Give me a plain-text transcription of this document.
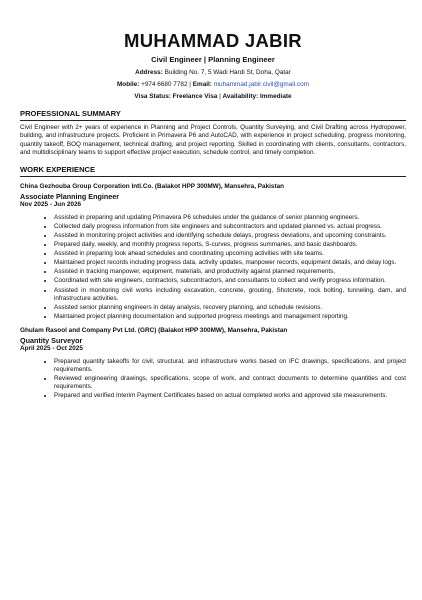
MUHAMMAD JABIR
Civil Engineer | Planning Engineer
Address: Building No. 7, 5 Wadi Hardi St, Doha, Qatar
Mobile: +974 6680 7782 | Email: muhammad.jabir.civil@gmail.com
Visa Status: Freelance Visa | Availability: Immediate
PROFESSIONAL SUMMARY
Civil Engineer with 2+ years of experience in Planning and Project Controls, Quantity Surveying, and Civil Drafting across Hydropower, building, and infrastructure projects. Proficient in Primavera P6 and AutoCAD, with experience in project scheduling, progress monitoring, quantity takeoff, BOQ management, technical drafting, and project reporting. Skilled in coordinating with clients, consultants, contractors, and multidisciplinary teams to support effective project execution, schedule control, and timely completion.
WORK EXPERIENCE
China Gezhouba Group Corporation Intl.Co. (Balakot HPP 300MW), Mansehra, Pakistan
Associate Planning Engineer
Nov 2025 - Jun 2026
• Assisted in preparing and updating Primavera P6 schedules under the guidance of senior planning engineers.
• Collected daily progress information from site engineers and subcontractors and updated planned vs. actual progress.
• Assisted in monitoring project activities and identifying schedule delays, progress deviations, and upcoming constraints.
• Prepared daily, weekly, and monthly progress reports, S-curves, progress summaries, and basic dashboards.
• Assisted in preparing look ahead schedules and coordinating upcoming activities with site teams.
• Maintained project records including progress data, activity updates, manpower records, equipment details, and delay logs.
• Assisted in tracking manpower, equipment, materials, and productivity against planned requirements.
• Coordinated with site engineers, contractors, subcontractors, and consultants to collect and verify progress information.
• Assisted in monitoring civil works including excavation, concrete, grouting, Shotcrete, rock bolting, tunneling, dam, and infrastructure activities.
• Assisted senior planning engineers in delay analysis, recovery planning, and schedule revisions.
• Maintained project planning documentation and supported progress meetings and management reporting.
Ghulam Rasool and Company Pvt Ltd. (GRC) (Balakot HPP 300MW), Mansehra, Pakistan
Quantity Surveyor
April 2025 - Oct 2025
• Prepared quantity takeoffs for civil, structural, and infrastructure works based on IFC drawings, specifications, and project requirements.
• Reviewed engineering drawings, specifications, scope of work, and contract documents to determine quantities and cost requirements.
• Prepared and verified Interim Payment Certificates based on actual completed works and approved site measurements.
